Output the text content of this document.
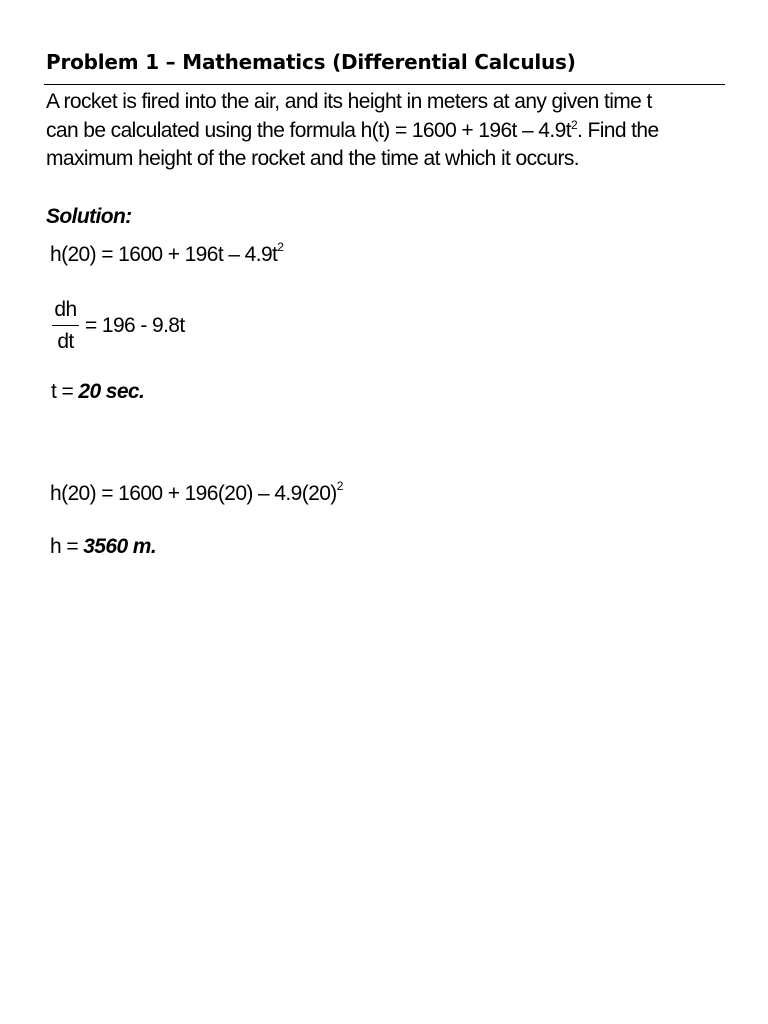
Problem 1 – Mathematics (Differential Calculus)

A rocket is fired into the air, and its height in meters at any given time t

can be calculated using the formula $h(t) = 1600 + 196t - 4.9t^2$. Find the

maximum height of the rocket and the time at which it occurs.

Solution:
$h(20) = 1600 + 196t - 4.9t^2$
$\frac{dh}{dt} = 196 - 9.8t$
t = 20 sec.
$h(20) = 1600 + 196(20) - 4.9(20)^2$
h = 3560 m.
